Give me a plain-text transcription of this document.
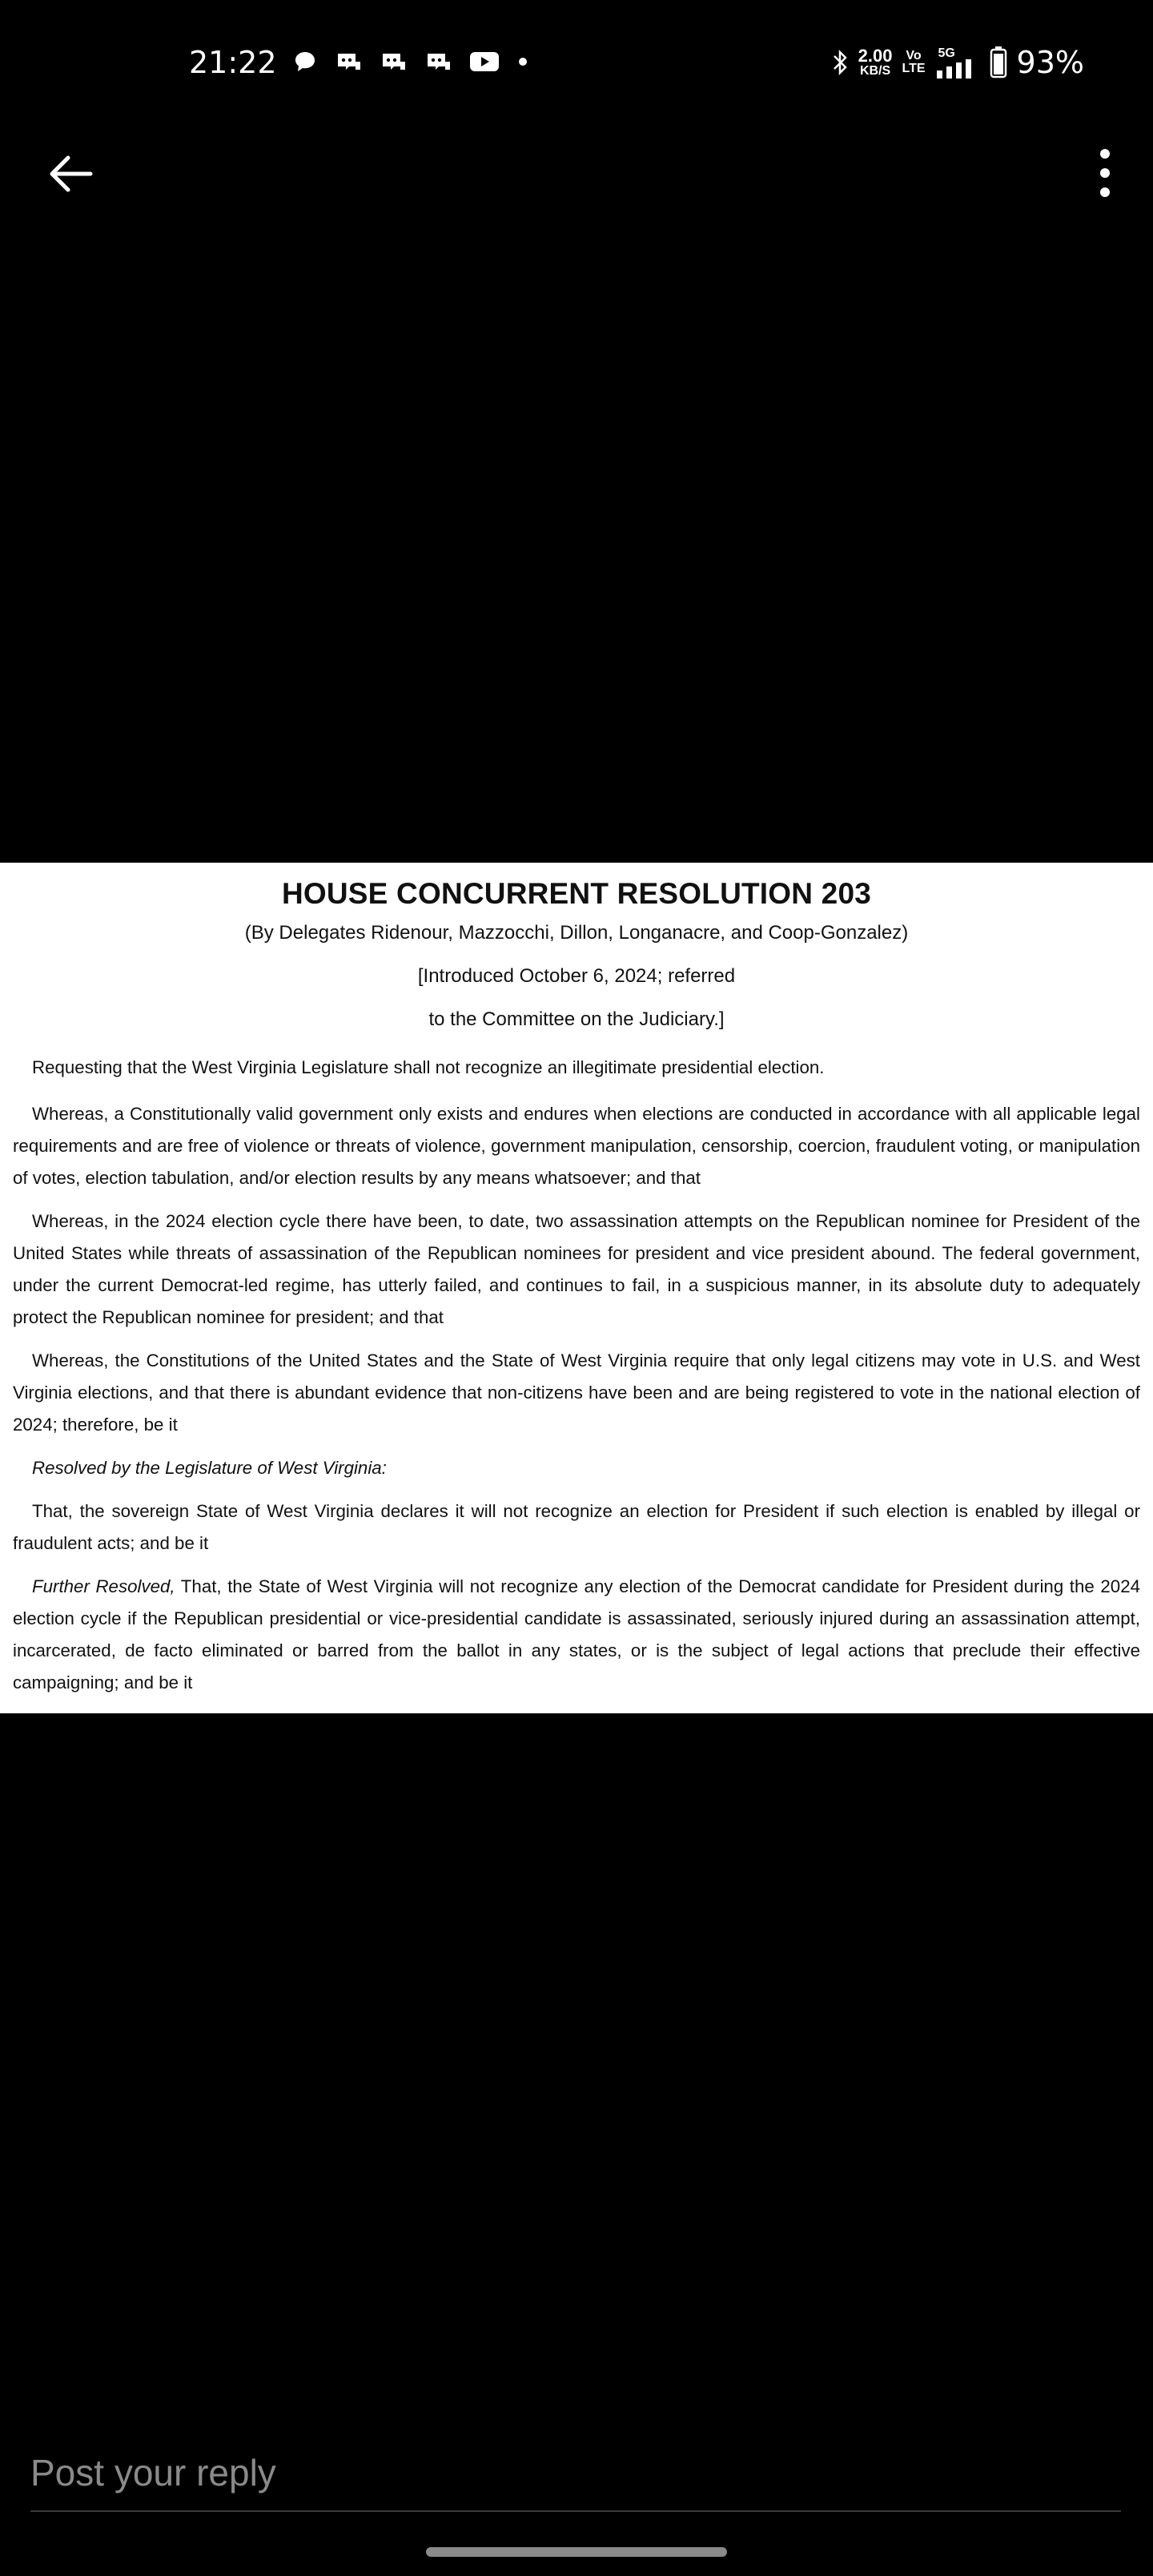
21:22	2.00
KB/S
Vo
LTE
5G 93%
HOUSE CONCURRENT RESOLUTION 203
(By Delegates Ridenour, Mazzocchi, Dillon, Longanacre, and Coop-Gonzalez)
[Introduced October 6, 2024; referred
to the Committee on the Judiciary.]

Requesting that the West Virginia Legislature shall not recognize an illegitimate presidential election.

Whereas, a Constitutionally valid government only exists and endures when elections are conducted in accordance with all applicable legal requirements and are free of violence or threats of violence, government manipulation, censorship, coercion, fraudulent voting, or manipulation of votes, election tabulation, and/or election results by any means whatsoever; and that

Whereas, in the 2024 election cycle there have been, to date, two assassination attempts on the Republican nominee for President of the United States while threats of assassination of the Republican nominees for president and vice president abound. The federal government, under the current Democrat-led regime, has utterly failed, and continues to fail, in a suspicious manner, in its absolute duty to adequately protect the Republican nominee for president; and that

Whereas, the Constitutions of the United States and the State of West Virginia require that only legal citizens may vote in U.S. and West Virginia elections, and that there is abundant evidence that non-citizens have been and are being registered to vote in the national election of 2024; therefore, be it

Resolved by the Legislature of West Virginia:

That, the sovereign State of West Virginia declares it will not recognize an election for President if such election is enabled by illegal or fraudulent acts; and be it

Further Resolved, That, the State of West Virginia will not recognize any election of the Democrat candidate for President during the 2024 election cycle if the Republican presidential or vice-presidential candidate is assassinated, seriously injured during an assassination attempt, incarcerated, de facto eliminated or barred from the ballot in any states, or is the subject of legal actions that preclude their effective campaigning; and be it

Post your reply
